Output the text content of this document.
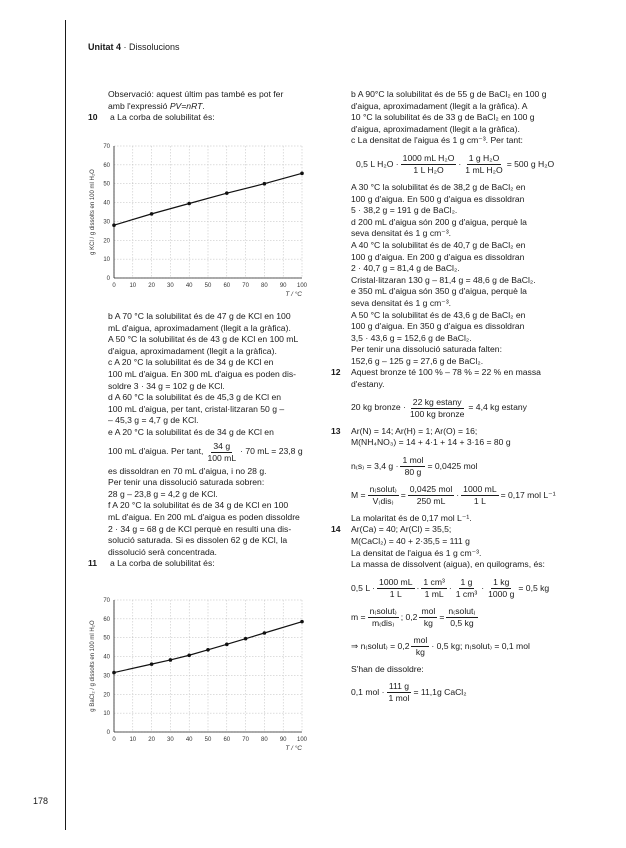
Unitat 4 · Dissolucions
178

Observació: aquest últim pas també es pot fer

amb l'expressió PV=nRT.

10 a La corba de solubilitat és:

0 10 20 30 40 50 60 70 80 90 100
0
10
20
30
40
50
60
70
T / °C
g KCl / g dissolts en 100 ml H₂O

b A 70 °C la solubilitat és de 47 g de KCl en 100

mL d'aigua, aproximadament (llegit a la gràfica).

A 50 °C la solubilitat és de 43 g de KCl en 100 mL

d'aigua, aproximadament (llegit a la gràfica).

c A 20 °C la solubilitat és de 34 g de KCl en

100 mL d'aigua. En 300 mL d'aigua es poden dis-

soldre 3 · 34 g = 102 g de KCl.

d A 60 °C la solubilitat és de 45,3 g de KCl en

100 mL d'aigua, per tant, cristal·litzaran 50 g –

– 45,3 g = 4,7 g de KCl.

e A 20 °C la solubilitat és de 34 g de KCl en

100 mL d'aigua. Per tant, $\frac{34 g}{100 mL} \cdot 70$ mL = 23,8 g

es dissoldran en 70 mL d'aigua, i no 28 g.

Per tenir una dissolució saturada sobren:

28 g – 23,8 g = 4,2 g de KCl.

f A 20 °C la solubilitat és de 34 g de KCl en 100

mL d'aigua. En 200 mL d'aigua es poden dissoldre

2 · 34 g = 68 g de KCl perquè en resulti una dis-

solució saturada. Si es dissolen 62 g de KCl, la

dissolució serà concentrada.

11 a La corba de solubilitat és:

0 10 20 30 40 50 60 70 80 90 100
0
10
20
30
40
50
60
70
T / °C
g BaCl₂ / g dissolts en 100 ml H₂O

b A 90°C la solubilitat és de 55 g de BaCl₂ en 100 g

d'aigua, aproximadament (llegit a la gràfica). A

10 °C la solubilitat és de 33 g de BaCl₂ en 100 g

d'aigua, aproximadament (llegit a la gràfica).

c La densitat de l'aigua és 1 g cm⁻³. Per tant:

0,5 L $H_2O \cdot \frac{\text{1000 mL H₂O}}{\text{1 L H₂O}} \cdot \frac{\text{1 g H₂O}}{\text{1 mL H₂O}} = 500$ g H₂O

A 30 °C la solubilitat és de 38,2 g de BaCl₂ en

100 g d'aigua. En 500 g d'aigua es dissoldran

5 · 38,2 g = 191 g de BaCl₂.

d 200 mL d'aigua són 200 g d'aigua, perquè la

seva densitat és 1 g cm⁻³.

A 40 °C la solubilitat és de 40,7 g de BaCl₂ en

100 g d'aigua. En 200 g d'aigua es dissoldran

2 · 40,7 g = 81,4 g de BaCl₂.

Cristal·litzaran 130 g – 81,4 g = 48,6 g de BaCl₂.

e 350 mL d'aigua són 350 g d'aigua, perquè la

seva densitat és 1 g cm⁻³.

A 50 °C la solubilitat és de 43,6 g de BaCl₂ en

100 g d'aigua. En 350 g d'aigua es dissoldran

3,5 · 43,6 g = 152,6 g de BaCl₂.

Per tenir una dissolució saturada falten:

152,6 g – 125 g = 27,6 g de BaCl₂.

12 Aquest bronze té 100 % – 78 % = 22 % en massa

d'estany.

20 kg bronze · $\frac{\text{22 kg estany}}{\text{100 kg bronze}} = 4,4$ kg estany

13 Ar(N) = 14; Ar(H) = 1; Ar(O) = 16;

M(NH₄NO₃) = 14 + 4·1 + 14 + 3·16 = 80 g

n₍s₎ = 3,4 $g \cdot \frac{\text{1 mol}}{80 g} = 0,0425$ mol
$M = \frac{\text{n₍solut₎}}{\text{V₍dis₎}} = \frac{\text{0,0425 mol}}{250 mL} \cdot \frac{1000 mL}{1 L} = 0,17$ mol L⁻¹

La molaritat és de 0,17 mol L⁻¹.

14 Ar(Ca) = 40; Ar(Cl) = 35,5;

M(CaCl₂) = 40 + 2·35,5 = 111 g

La densitat de l'aigua és 1 g cm⁻³.

La massa de dissolvent (aigua), en quilograms, és:

0,5 $L \cdot \frac{1000 mL}{1 L} \cdot \frac{\text{1 cm³}}{1 mL} \cdot \frac{1 g}{\text{1 cm³}} \cdot \frac{1 kg}{1000 g} = 0,5$ kg
$m = \frac{\text{n₍solut₎}}{\text{m₍dis₎}}$ ; $0,2 \frac{\text{mol}}{kg} = \frac{\text{n₍solut₎}}{0,5 kg}$
⇒ n₍solut₎ = $0,2 \frac{\text{mol}}{kg} \cdot 0,5$ kg; n₍solut₎ = 0,1 mol

S'han de dissoldre:

0,1 mol · $\frac{111 g}{\text{1 mol}} = 11,1g$ CaCl₂
